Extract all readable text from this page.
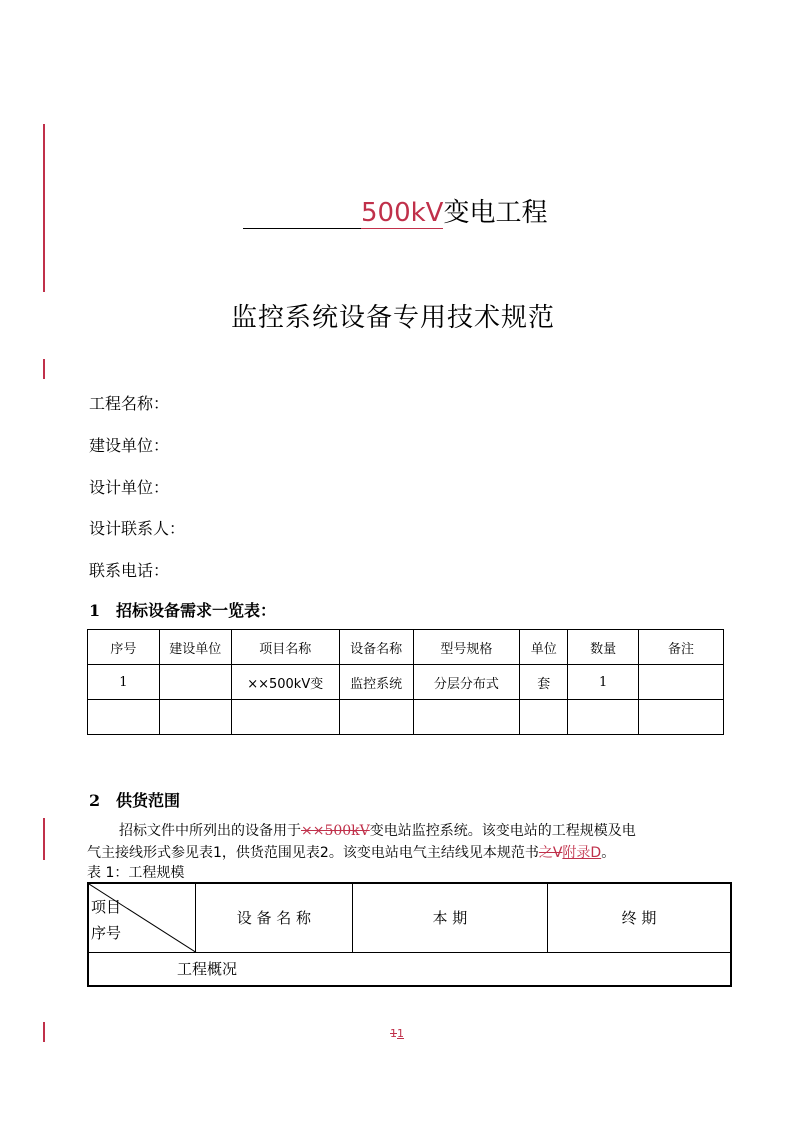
500kV变电工程
监控系统设备专用技术规范
工程名称：
建设单位：
设计单位：
设计联系人：
联系电话：
1 招标设备需求一览表：
序号	建设单位	项目名称	设备名称	型号规格	单位	数量	备注
1		××500kV变	监控系统	分层分布式	套	1	

2 供货范围
招标文件中所列出的设备用于××500kV变电站监控系统。该变电站的工程规模及电
气主接线形式参见表1，供货范围见表2。该变电站电气主结线见本规范书之V附录D。
表 1：工程规模
项目
序号
	设 备 名 称	本 期	终 期
工程概况
11
